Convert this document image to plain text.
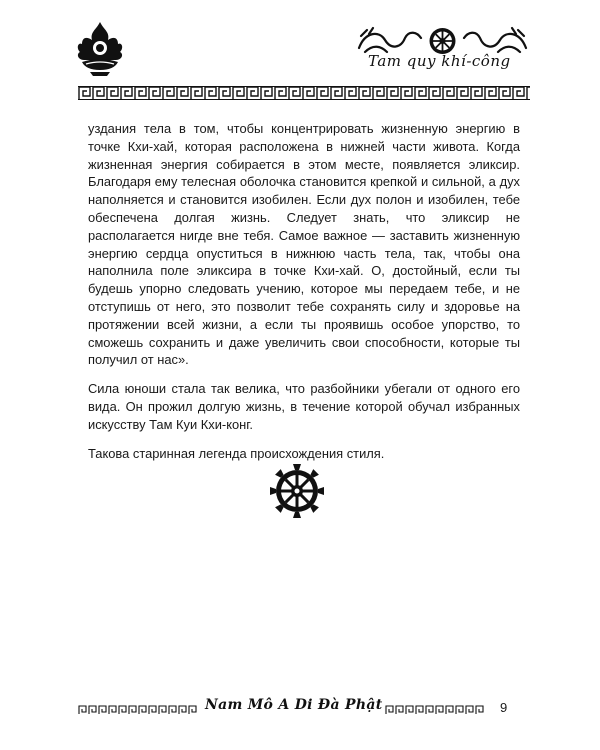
Tam quy khí-công

уздания тела в том, чтобы концентрировать жизненную энергию в точке Кхи-хай, которая расположена в нижней части живота. Когда жизненная энергия собирается в этом месте, появляется эликсир. Благодаря ему телесная оболочка становится крепкой и сильной, а дух наполняется и становится изобилен. Если дух полон и изобилен, тебе обеспечена долгая жизнь. Следует знать, что эликсир не располагается нигде вне тебя. Самое важное — заставить жизненную энергию сердца опуститься в нижнюю часть тела, так, чтобы она наполнила поле эликсира в точке Кхи-хай. О, достойный, если ты будешь упорно следовать учению, которое мы передаем тебе, и не отступишь от него, это позволит тебе сохранять силу и здоровье на протяжении всей жизни, а если ты проявишь особое упорство, то сможешь сохранить и даже увеличить свои способности, которые ты получил от нас».

Сила юноши стала так велика, что разбойники убегали от одного его вида. Он прожил долгую жизнь, в течение которой обучал избранных искусству Там Куи Кхи-конг.

Такова старинная легенда происхождения стиля.

Nam Mô A Di Đà Phật	9
